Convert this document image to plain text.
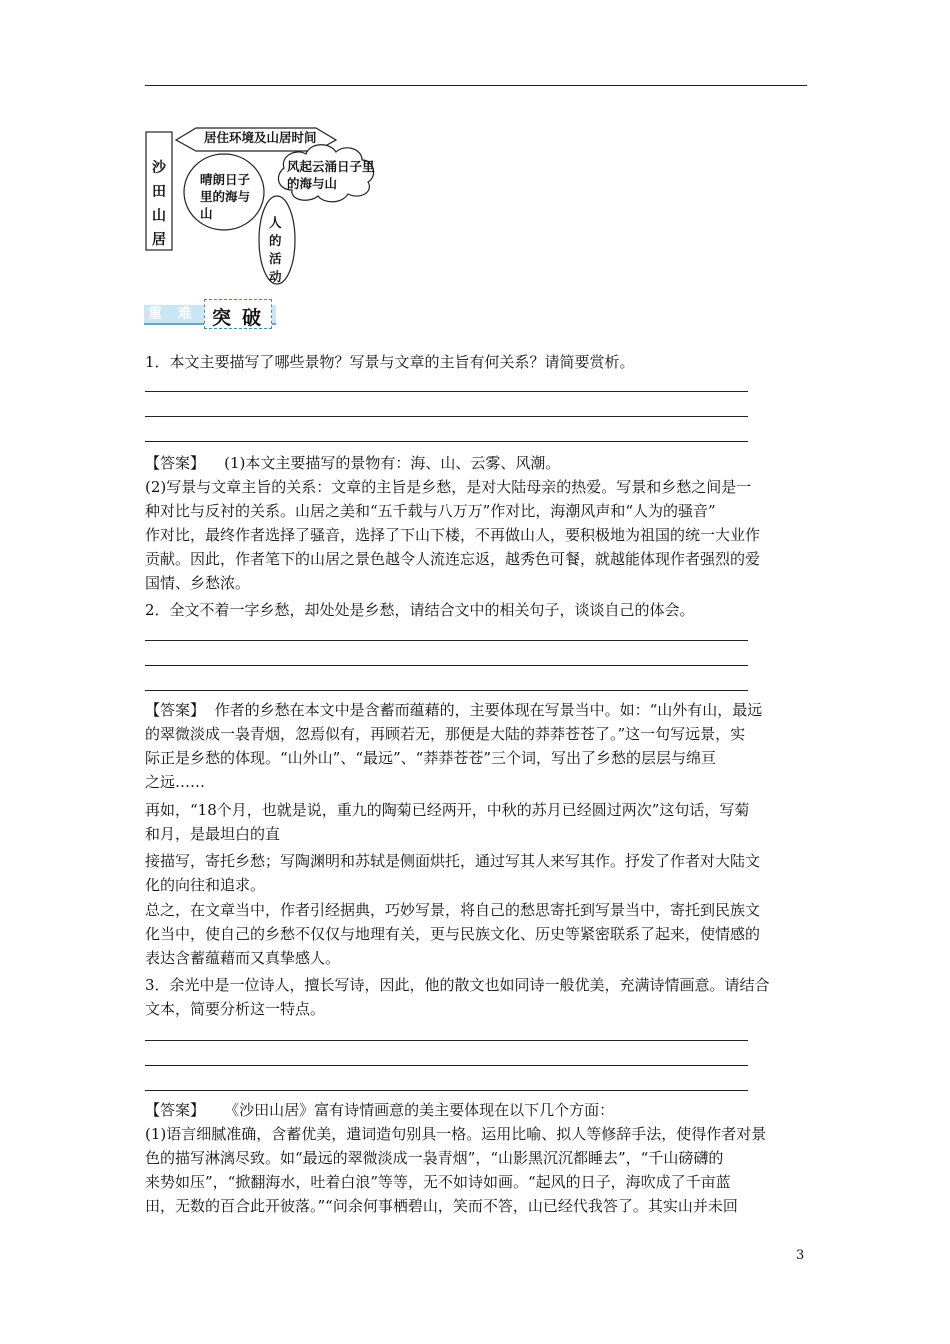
沙田山居
居住环境及山居时间
晴朗日子里的海与山
风起云涌日子里的海与山
人的活动
重 难 突 破
1．本文主要描写了哪些景物？写景与文章的主旨有何关系？请简要赏析。
【答案】 (1)本文主要描写的景物有：海、山、云雾、风潮。
(2)写景与文章主旨的关系：文章的主旨是乡愁，是对大陆母亲的热爱。写景和乡愁之间是一
种对比与反衬的关系。山居之美和“五千载与八万万”作对比，海潮风声和“人为的骚音”
作对比，最终作者选择了骚音，选择了下山下楼，不再做山人，要积极地为祖国的统一大业作
贡献。因此，作者笔下的山居之景色越令人流连忘返，越秀色可餐，就越能体现作者强烈的爱
国情、乡愁浓。
2．全文不着一字乡愁，却处处是乡愁，请结合文中的相关句子，谈谈自己的体会。
【答案】 作者的乡愁在本文中是含蓄而蕴藉的，主要体现在写景当中。如：“山外有山，最远
的翠微淡成一袅青烟，忽焉似有，再顾若无，那便是大陆的莽莽苍苍了。”这一句写远景，实
际正是乡愁的体现。“山外山”、“最远”、“莽莽苍苍”三个词，写出了乡愁的层层与绵亘
之远……
再如，“18个月，也就是说，重九的陶菊已经两开，中秋的苏月已经圆过两次”这句话，写菊
和月，是最坦白的直
接描写，寄托乡愁；写陶渊明和苏轼是侧面烘托，通过写其人来写其作。抒发了作者对大陆文
化的向往和追求。
总之，在文章当中，作者引经据典，巧妙写景，将自己的愁思寄托到写景当中，寄托到民族文
化当中，使自己的乡愁不仅仅与地理有关，更与民族文化、历史等紧密联系了起来，使情感的
表达含蓄蕴藉而又真挚感人。
3．余光中是一位诗人，擅长写诗，因此，他的散文也如同诗一般优美，充满诗情画意。请结合
文本，简要分析这一特点。
【答案】 《沙田山居》富有诗情画意的美主要体现在以下几个方面：
(1)语言细腻准确，含蓄优美，遣词造句别具一格。运用比喻、拟人等修辞手法，使得作者对景
色的描写淋漓尽致。如“最远的翠微淡成一袅青烟”，“山影黑沉沉都睡去”，“千山磅礴的
来势如压”，“掀翻海水，吐着白浪”等等，无不如诗如画。“起风的日子，海吹成了千亩蓝
田，无数的百合此开彼落。”“问余何事栖碧山，笑而不答，山已经代我答了。其实山并未回
3
